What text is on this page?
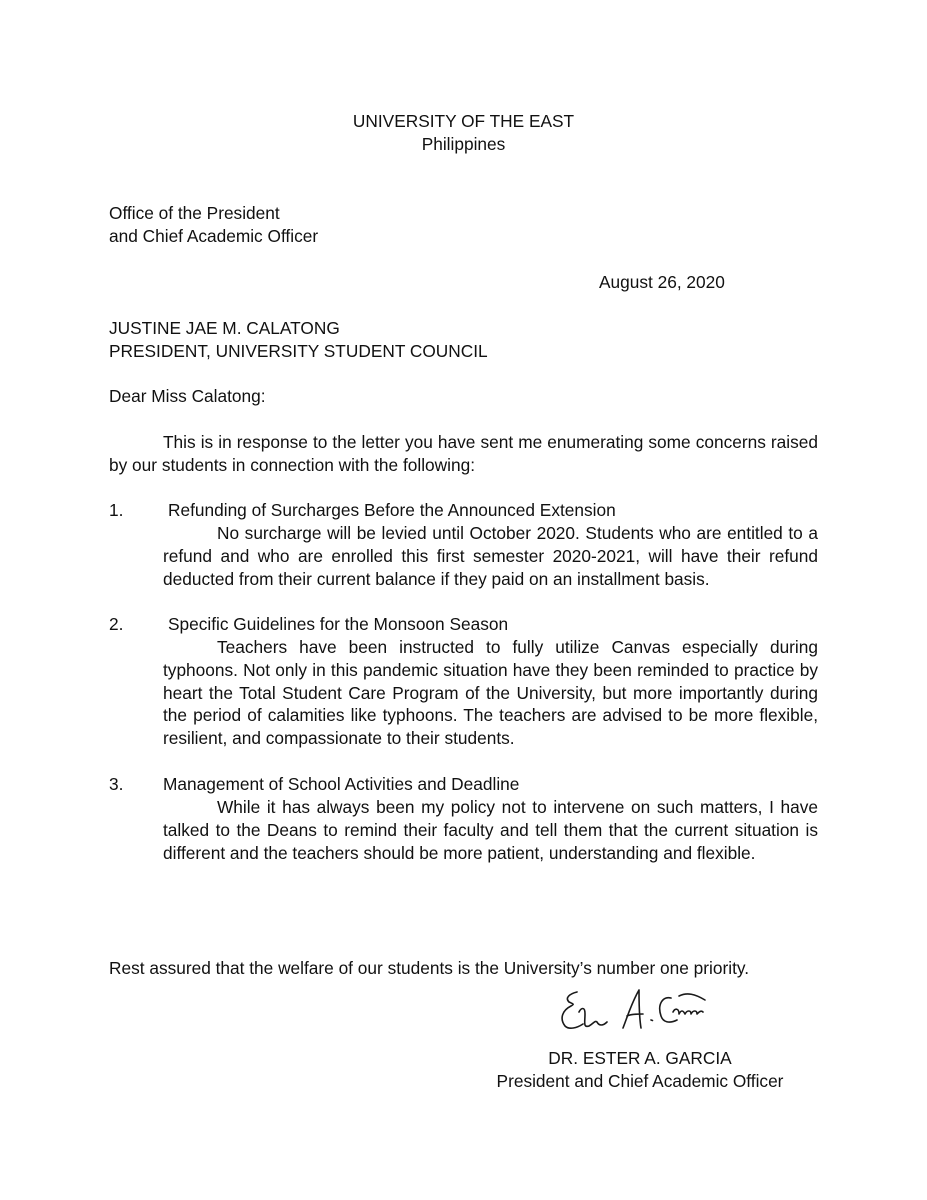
UNIVERSITY OF THE EAST
Philippines
Office of the President
and Chief Academic Officer
August 26, 2020
JUSTINE JAE M. CALATONG
PRESIDENT, UNIVERSITY STUDENT COUNCIL
Dear Miss Calatong:
This is in response to the letter you have sent me enumerating some concerns raised by our students in connection with the following:
1.	Refunding of Surcharges Before the Announced Extension
No surcharge will be levied until October 2020. Students who are entitled to a refund and who are enrolled this first semester 2020-2021, will have their refund deducted from their current balance if they paid on an installment basis.
2.	Specific Guidelines for the Monsoon Season
Teachers have been instructed to fully utilize Canvas especially during typhoons. Not only in this pandemic situation have they been reminded to practice by heart the Total Student Care Program of the University, but more importantly during the period of calamities like typhoons. The teachers are advised to be more flexible, resilient, and compassionate to their students.
3. Management of School Activities and Deadline
While it has always been my policy not to intervene on such matters, I have talked to the Deans to remind their faculty and tell them that the current situation is different and the teachers should be more patient, understanding and flexible.
Rest assured that the welfare of our students is the University’s number one priority.
DR. ESTER A. GARCIA
President and Chief Academic Officer
